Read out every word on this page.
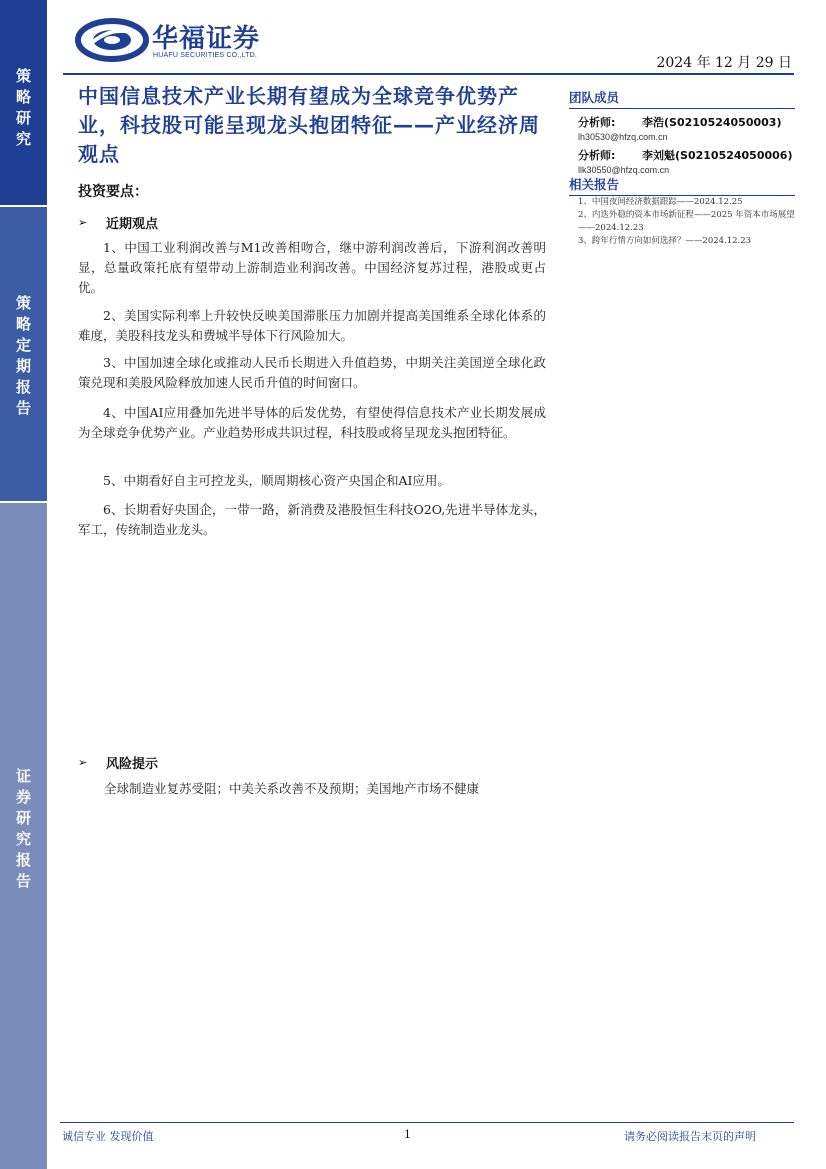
策
略
研
究
策
略
定
期
报
告
证
券
研
究
报
告
华福证券
HUAFU SECURITIES CO.,LTD.	2024 年 12 月 29 日
中国信息技术产业长期有望成为全球竞争优势产业，科技股可能呈现龙头抱团特征——产业经济周观点
投资要点：
➢	近期观点
1、中国工业利润改善与M1改善相吻合，继中游利润改善后，下游利润改善明显，总量政策托底有望带动上游制造业利润改善。中国经济复苏过程，港股或更占优。
2、美国实际利率上升较快反映美国滞胀压力加剧并提高美国维系全球化体系的难度，美股科技龙头和费城半导体下行风险加大。
3、中国加速全球化或推动人民币长期进入升值趋势，中期关注美国逆全球化政策兑现和美股风险释放加速人民币升值的时间窗口。
4、中国AI应用叠加先进半导体的后发优势，有望使得信息技术产业长期发展成为全球竞争优势产业。产业趋势形成共识过程，科技股或将呈现龙头抱团特征。
5、中期看好自主可控龙头，顺周期核心资产央国企和AI应用。
6、长期看好央国企，一带一路，新消费及港股恒生科技O2O,先进半导体龙头，军工，传统制造业龙头。
➢	风险提示
全球制造业复苏受阻；中美关系改善不及预期；美国地产市场不健康
团队成员
分析师:	李浩(S0210524050003)
lh30530@hfzq.com.cn
分析师:	李刘魁(S0210524050006)
llk30550@hfzq.com.cn
相关报告
1、中国夜间经济数据跟踪——2024.12.25
2、内迭外稳的资本市场新征程——2025 年资本市场展望——2024.12.23
3、跨年行情方向如何选择？——2024.12.23
诚信专业 发现价值	1	请务必阅读报告末页的声明
